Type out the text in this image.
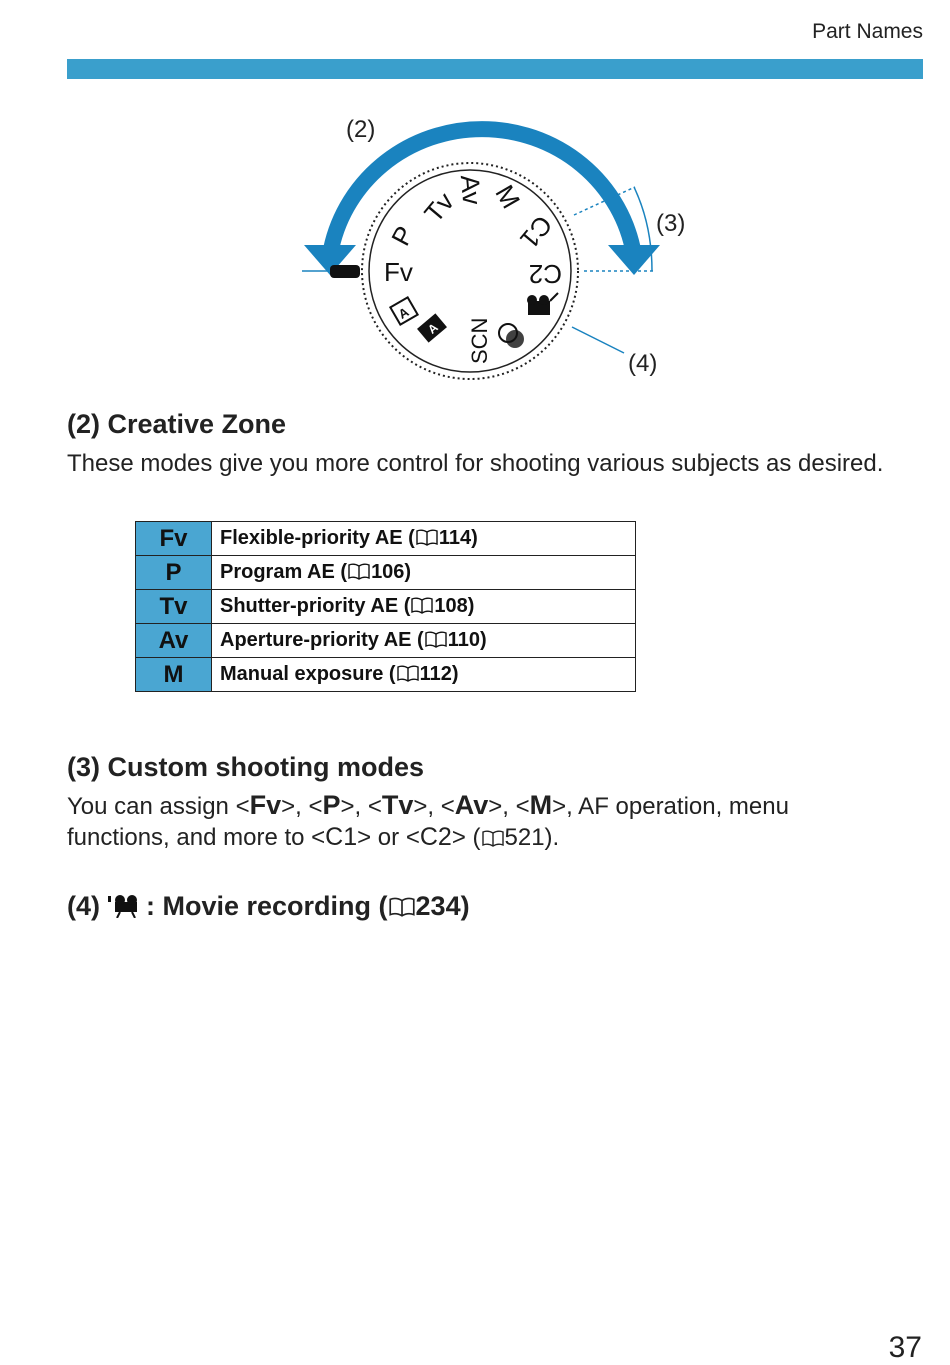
Part Names
Fv
P
Tv
Av M
C1
C2
SCN
A
A
(2)
(3)
(4)
(2) Creative Zone

These modes give you more control for shooting various subjects as desired.

Fv	Flexible-priority AE ( 114)
P	Program AE ( 106)
Tv	Shutter-priority AE ( 108)
Av	Aperture-priority AE ( 110)
M	Manual exposure ( 112)
(3) Custom shooting modes

You can assign <Fv>, <P>, <Tv>, <Av>, <M>, AF operation, menu
functions, and more to <C1> or <C2> ( 521).

(4) : Movie recording ( 234)
37
